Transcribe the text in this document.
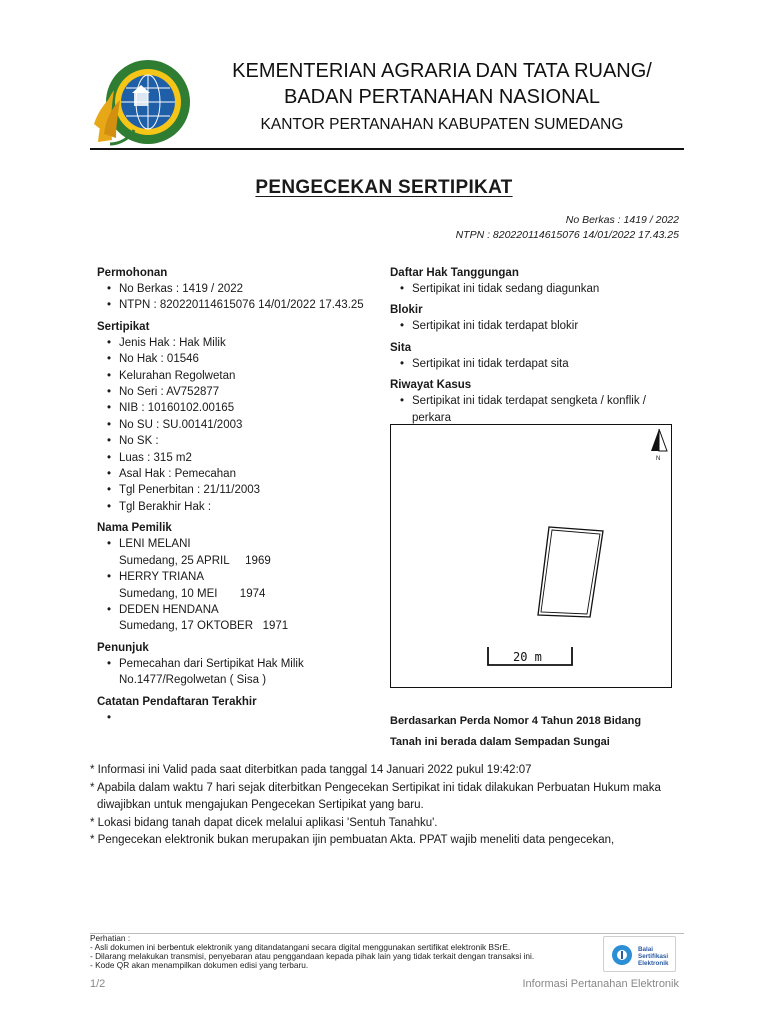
KEMENTERIAN AGRARIA DAN TATA RUANG/
BADAN PERTANAHAN NASIONAL
KANTOR PERTANAHAN KABUPATEN SUMEDANG
PENGECEKAN SERTIPIKAT
No Berkas : 1419 / 2022
NTPN : 820220114615076 14/01/2022 17.43.25
Permohonan
• No Berkas : 1419 / 2022
• NTPN : 820220114615076 14/01/2022 17.43.25
Sertipikat
• Jenis Hak : Hak Milik
• No Hak : 01546
• Kelurahan Regolwetan
• No Seri : AV752877
• NIB : 10160102.00165
• No SU : SU.00141/2003
• No SK :
• Luas : 315 m2
• Asal Hak : Pemecahan
• Tgl Penerbitan : 21/11/2003
• Tgl Berakhir Hak :
Nama Pemilik
• LENI MELANI
Sumedang, 25 APRIL     1969
• HERRY TRIANA
Sumedang, 10 MEI       1974
• DEDEN HENDANA
Sumedang, 17 OKTOBER   1971
Penunjuk
• Pemecahan dari Sertipikat Hak Milik
No.1477/Regolwetan ( Sisa )
Catatan Pendaftaran Terakhir
•
Daftar Hak Tanggungan
• Sertipikat ini tidak sedang diagunkan
Blokir
• Sertipikat ini tidak terdapat blokir
Sita
• Sertipikat ini tidak terdapat sita
Riwayat Kasus
• Sertipikat ini tidak terdapat sengketa / konflik /
perkara
N
20 m
Berdasarkan Perda Nomor 4 Tahun 2018 Bidang
Tanah ini berada dalam Sempadan Sungai
* Informasi ini Valid pada saat diterbitkan pada tanggal 14 Januari 2022 pukul 19:42:07
* Apabila dalam waktu 7 hari sejak diterbitkan Pengecekan Sertipikat ini tidak dilakukan Perbuatan Hukum maka
diwajibkan untuk mengajukan Pengecekan Sertipikat yang baru.
* Lokasi bidang tanah dapat dicek melalui aplikasi 'Sentuh Tanahku'.
* Pengecekan elektronik bukan merupakan ijin pembuatan Akta. PPAT wajib meneliti data pengecekan,
Perhatian :
- Asli dokumen ini berbentuk elektronik yang ditandatangani secara digital menggunakan sertifikat elektronik BSrE.
- Dilarang melakukan transmisi, penyebaran atau penggandaan kepada pihak lain yang tidak terkait dengan transaksi ini.
- Kode QR akan menampilkan dokumen edisi yang terbaru.
Balai
Sertifikasi
Elektronik
1/2	Informasi Pertanahan Elektronik
